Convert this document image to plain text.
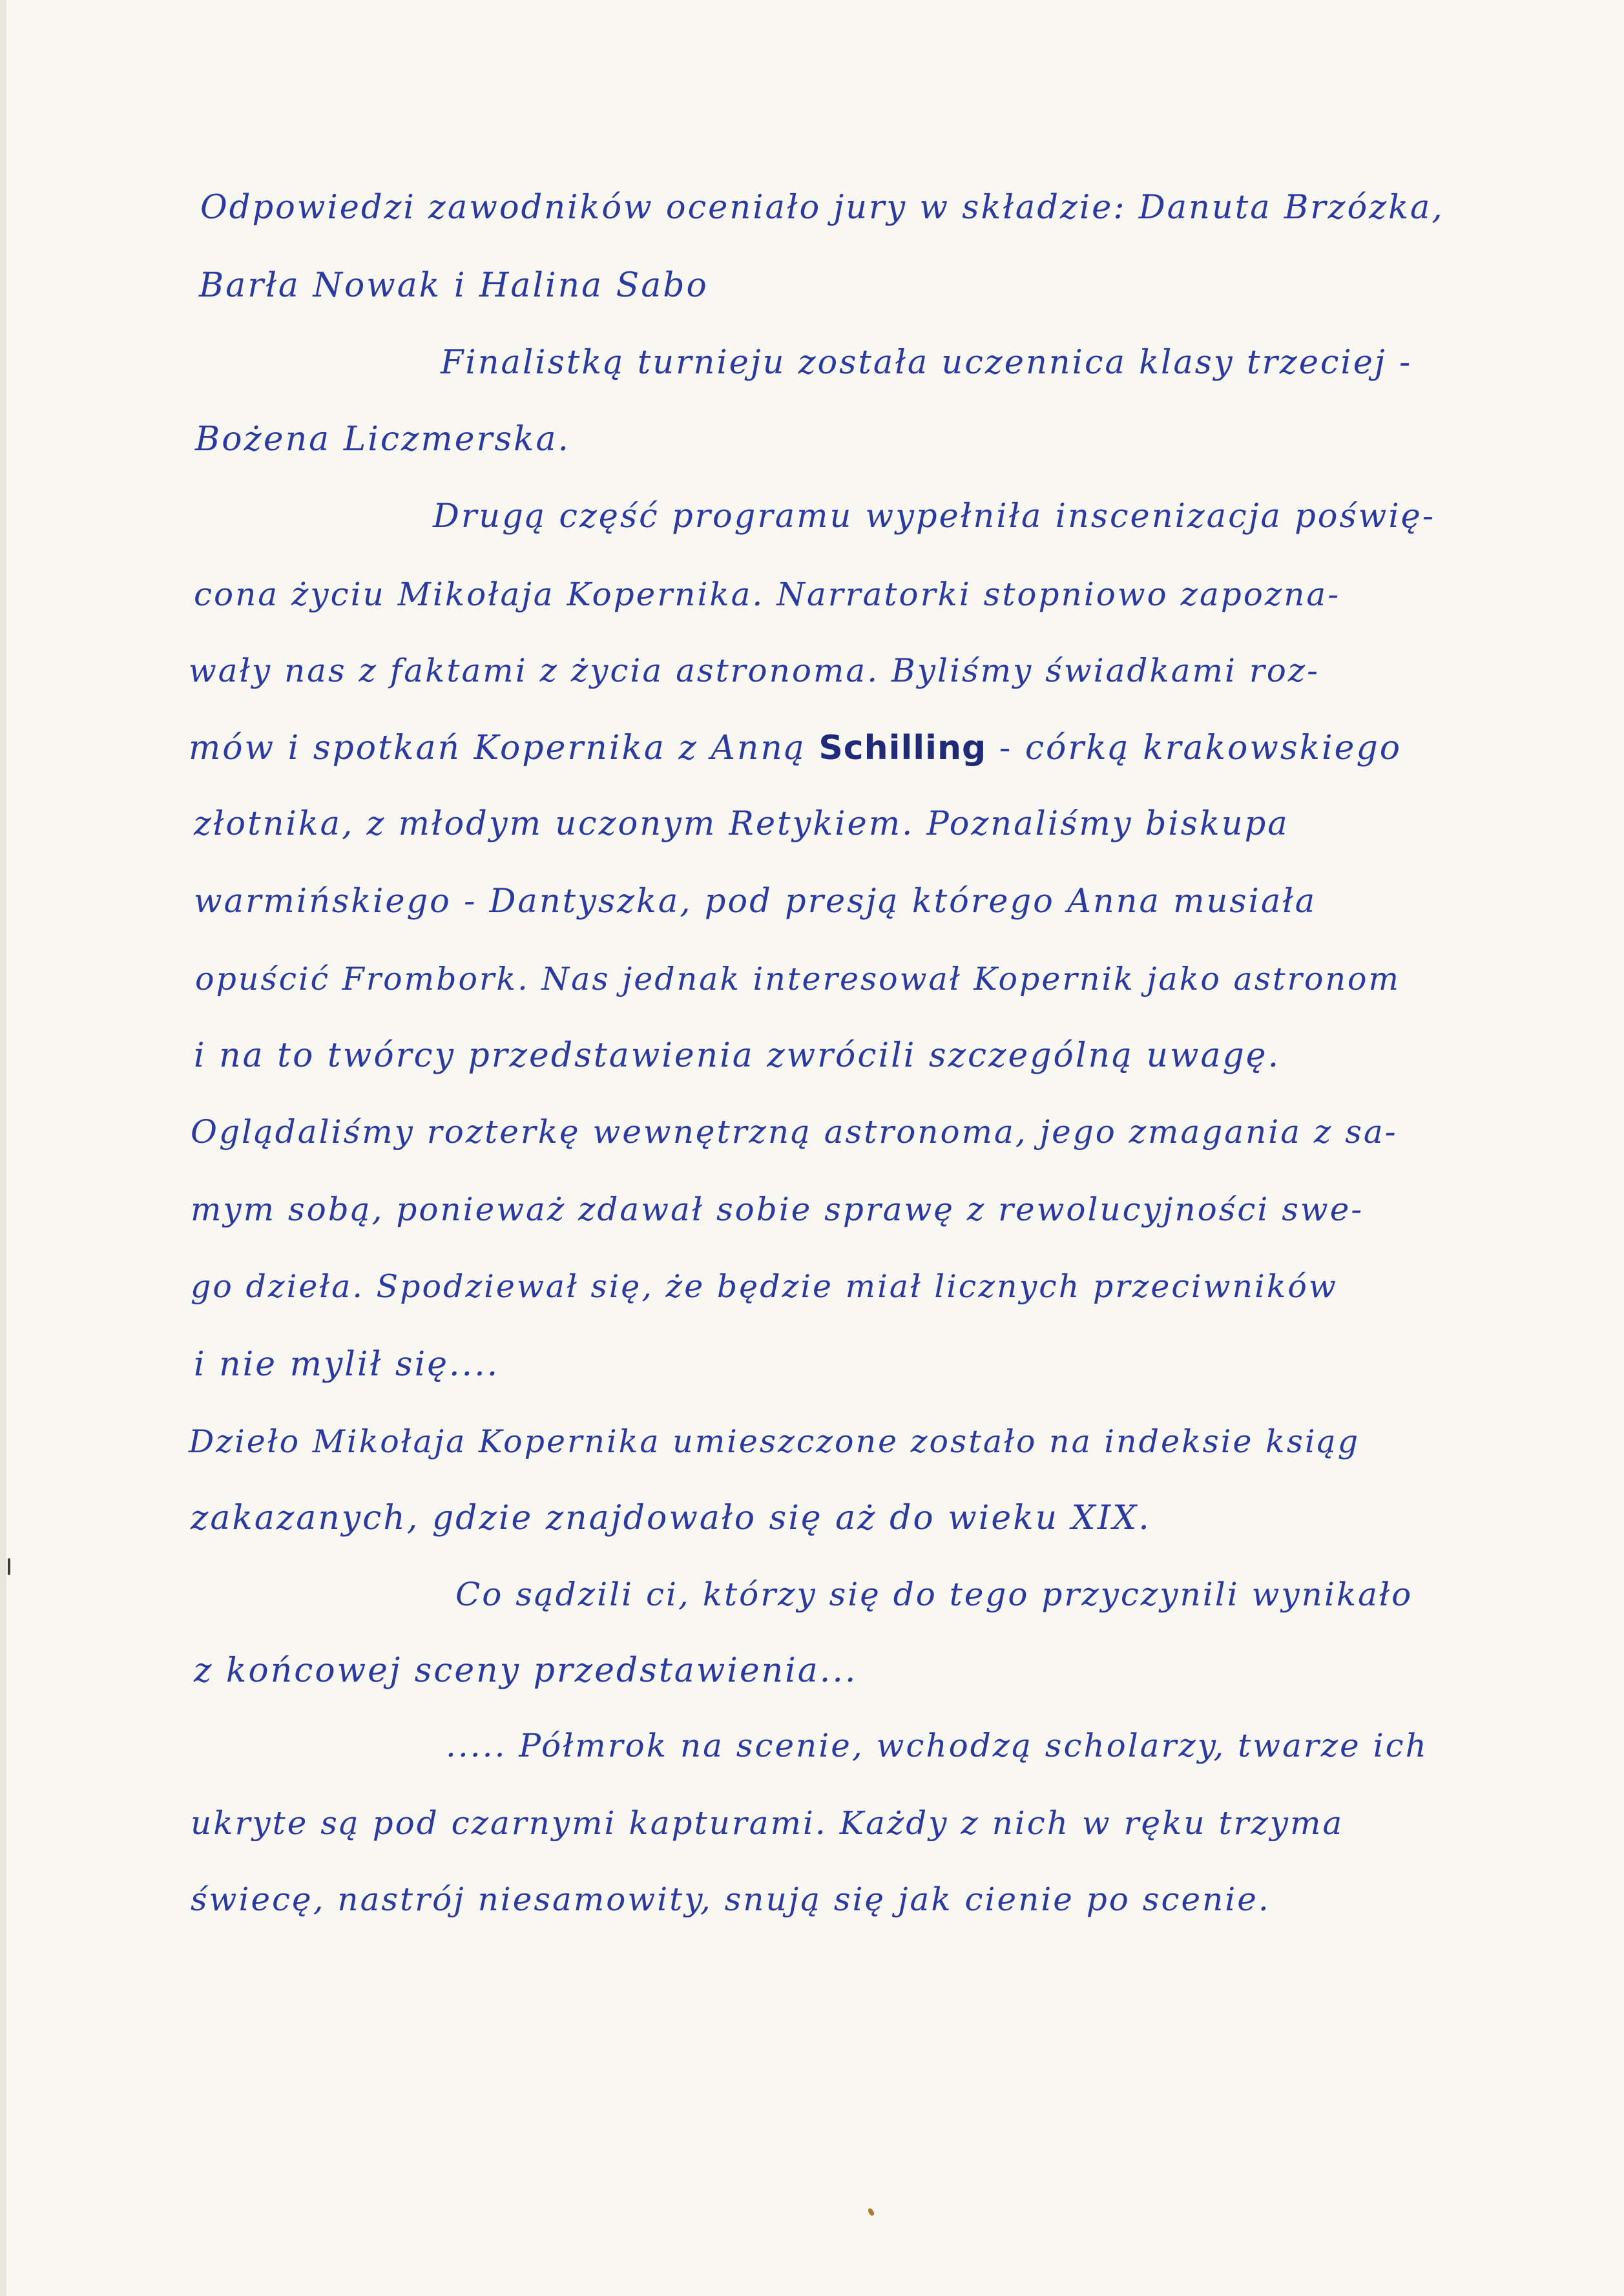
Odpowiedzi zawodników oceniało jury w składzie: Danuta Brzózka,
Barła Nowak i Halina Sabo
Finalistką turnieju została uczennica klasy trzeciej -
Bożena Liczmerska.
Drugą część programu wypełniła inscenizacja poświę-
cona życiu Mikołaja Kopernika. Narratorki stopniowo zapozna-
wały nas z faktami z życia astronoma. Byliśmy świadkami roz-
mów i spotkań Kopernika z Anną Schilling - córką krakowskiego
złotnika, z młodym uczonym Retykiem. Poznaliśmy biskupa
warmińskiego - Dantyszka, pod presją którego Anna musiała
opuścić Frombork. Nas jednak interesował Kopernik jako astronom
i na to twórcy przedstawienia zwrócili szczególną uwagę.
Oglądaliśmy rozterkę wewnętrzną astronoma, jego zmagania z sa-
mym sobą, ponieważ zdawał sobie sprawę z rewolucyjności swe-
go dzieła. Spodziewał się, że będzie miał licznych przeciwników
i nie mylił się....
Dzieło Mikołaja Kopernika umieszczone zostało na indeksie ksiąg
zakazanych, gdzie znajdowało się aż do wieku XIX.
Co sądzili ci, którzy się do tego przyczynili wynikało
z końcowej sceny przedstawienia...
..... Półmrok na scenie, wchodzą scholarzy, twarze ich
ukryte są pod czarnymi kapturami. Każdy z nich w ręku trzyma
świecę, nastrój niesamowity, snują się jak cienie po scenie.
